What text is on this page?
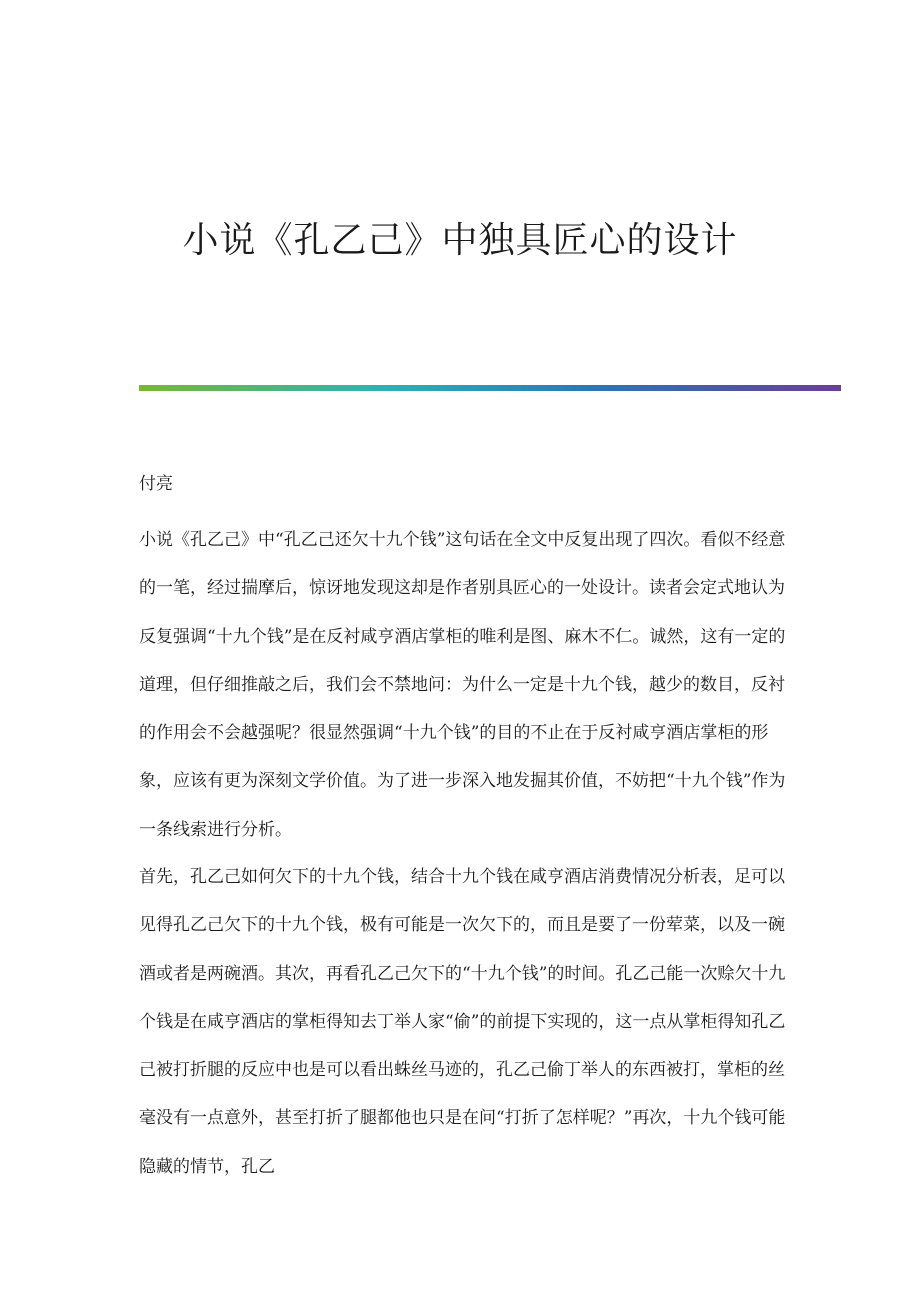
小说《孔乙己》中独具匠心的设计

付亮

小说《孔乙己》中“孔乙己还欠十九个钱”这句话在全文中反复出现了四次。看似不经意的一笔，经过揣摩后，惊讶地发现这却是作者别具匠心的一处设计。读者会定式地认为反复强调“十九个钱”是在反衬咸亨酒店掌柜的唯利是图、麻木不仁。诚然，这有一定的道理，但仔细推敲之后，我们会不禁地问：为什么一定是十九个钱，越少的数目，反衬的作用会不会越强呢？很显然强调“十九个钱”的目的不止在于反衬咸亨酒店掌柜的形象，应该有更为深刻文学价值。为了进一步深入地发掘其价值，不妨把“十九个钱”作为一条线索进行分析。

首先，孔乙己如何欠下的十九个钱，结合十九个钱在咸亨酒店消费情况分析表，足可以见得孔乙己欠下的十九个钱，极有可能是一次欠下的，而且是要了一份荤菜，以及一碗酒或者是两碗酒。其次，再看孔乙己欠下的“十九个钱”的时间。孔乙己能一次赊欠十九个钱是在咸亨酒店的掌柜得知去丁举人家“偷”的前提下实现的，这一点从掌柜得知孔乙己被打折腿的反应中也是可以看出蛛丝马迹的，孔乙己偷丁举人的东西被打，掌柜的丝毫没有一点意外，甚至打折了腿都他也只是在问“打折了怎样呢？”再次，十九个钱可能隐藏的情节，孔乙
